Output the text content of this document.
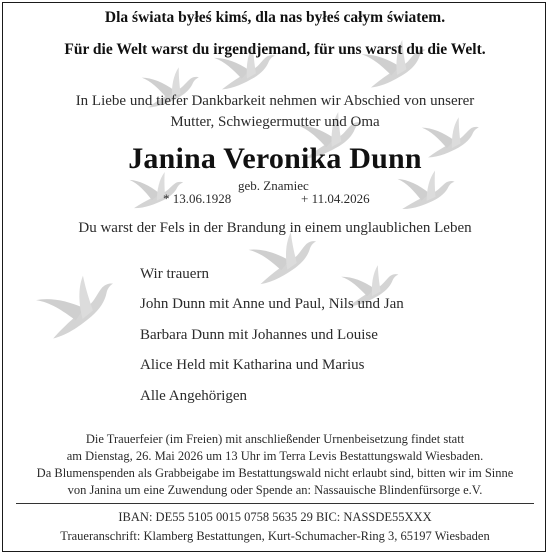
Dla świata byłeś kimś, dla nas byłeś całym światem.
Für die Welt warst du irgendjemand, für uns warst du die Welt.
In Liebe und tiefer Dankbarkeit nehmen wir Abschied von unserer
Mutter, Schwiegermutter und Oma
Janina Veronika Dunn
geb. Znamiec
* 13.06.1928	+ 11.04.2026
Du warst der Fels in der Brandung in einem unglaublichen Leben
Wir trauern
John Dunn mit Anne und Paul, Nils und Jan
Barbara Dunn mit Johannes und Louise
Alice Held mit Katharina und Marius
Alle Angehörigen
Die Trauerfeier (im Freien) mit anschließender Urnenbeisetzung findet statt
am Dienstag, 26. Mai 2026 um 13 Uhr im Terra Levis Bestattungswald Wiesbaden.
Da Blumenspenden als Grabbeigabe im Bestattungswald nicht erlaubt sind, bitten wir im Sinne
von Janina um eine Zuwendung oder Spende an: Nassauische Blindenfürsorge e.V.
IBAN: DE55 5105 0015 0758 5635 29 BIC: NASSDE55XXX
Traueranschrift: Klamberg Bestattungen, Kurt-Schumacher-Ring 3, 65197 Wiesbaden
